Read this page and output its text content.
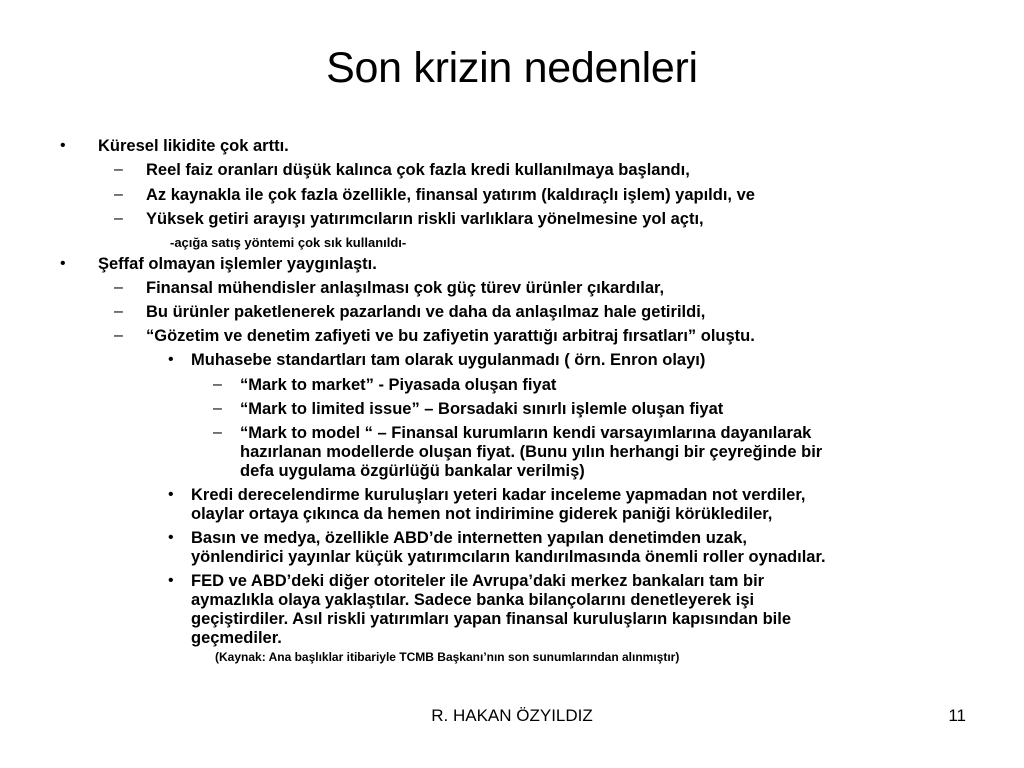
Son krizin nedenleri
• Küresel likidite çok arttı.
– Reel faiz oranları düşük kalınca çok fazla kredi kullanılmaya başlandı,
– Az kaynakla ile çok fazla özellikle, finansal yatırım (kaldıraçlı işlem) yapıldı, ve
– Yüksek getiri arayışı yatırımcıların riskli varlıklara yönelmesine yol açtı,
-açığa satış yöntemi çok sık kullanıldı-
• Şeffaf olmayan işlemler yaygınlaştı.
– Finansal mühendisler anlaşılması çok güç türev ürünler çıkardılar,
– Bu ürünler paketlenerek pazarlandı ve daha da anlaşılmaz hale getirildi,
– “Gözetim ve denetim zafiyeti ve bu zafiyetin yarattığı arbitraj fırsatları” oluştu.
• Muhasebe standartları tam olarak uygulanmadı ( örn. Enron olayı)
– “Mark to market” - Piyasada oluşan fiyat
– “Mark to limited issue” – Borsadaki sınırlı işlemle oluşan fiyat
– “Mark to model “ – Finansal kurumların kendi varsayımlarına dayanılarak
hazırlanan modellerde oluşan fiyat. (Bunu yılın herhangi bir çeyreğinde bir
defa uygulama özgürlüğü bankalar verilmiş)
• Kredi derecelendirme kuruluşları yeteri kadar inceleme yapmadan not verdiler,
olaylar ortaya çıkınca da hemen not indirimine giderek paniği körüklediler,
• Basın ve medya, özellikle ABD’de internetten yapılan denetimden uzak,
yönlendirici yayınlar küçük yatırımcıların kandırılmasında önemli roller oynadılar.
• FED ve ABD’deki diğer otoriteler ile Avrupa’daki merkez bankaları tam bir
aymazlıkla olaya yaklaştılar. Sadece banka bilançolarını denetleyerek işi
geçiştirdiler. Asıl riskli yatırımları yapan finansal kuruluşların kapısından bile
geçmediler.
(Kaynak: Ana başlıklar itibariyle TCMB Başkanı’nın son sunumlarından alınmıştır)
R. HAKAN ÖZYILDIZ	11
